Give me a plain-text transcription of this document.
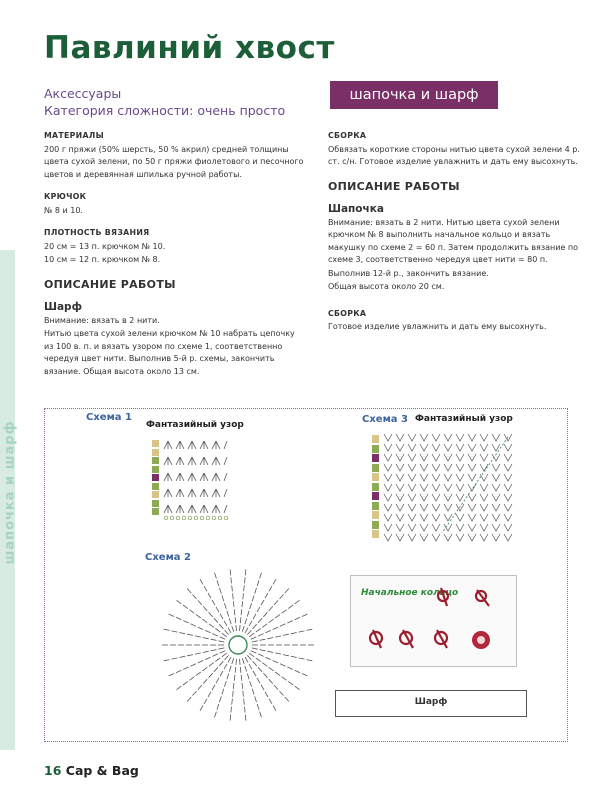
шапочка и шарф
Павлиний хвост
Аксессуары
Категория сложности: очень просто
шапочка и шарф
МАТЕРИАЛЫ
200 г пряжи (50% шерсть, 50 % акрил) средней толщины цвета сухой зелени, по 50 г пряжи фиолетового и песочного цветов и деревянная шпилька ручной работы.
КРЮЧОК
№ 8 и 10.
ПЛОТНОСТЬ ВЯЗАНИЯ
20 см = 13 п. крючком № 10.
10 см = 12 п. крючком № 8.
ОПИСАНИЕ РАБОТЫ
Шарф
Внимание: вязать в 2 нити.
Нитью цвета сухой зелени крючком № 10 набрать цепочку из 100 в. п. и вязать узором по схеме 1, соответственно чередуя цвет нити. Выполнив 5-й р. схемы, закончить вязание. Общая высота около 13 см.
СБОРКА
Обвязать короткие стороны нитью цвета сухой зелени 4 р. ст. с/н. Готовое изделие увлажнить и дать ему высохнуть.
ОПИСАНИЕ РАБОТЫ
Шапочка
Внимание: вязать в 2 нити. Нитью цвета сухой зелени крючком № 8 выполнить начальное кольцо и вязать макушку по схеме 2 = 60 п. Затем продолжить вязание по схеме 3, соответственно чередуя цвет нити = 80 п.
Выполнив 12-й р., закончить вязание.
Общая высота около 20 см.
СБОРКА
Готовое изделие увлажнить и дать ему высохнуть.
Схема 1
Фантазийный узор	Схема 3 Фантазийный узор
Схема 2
Начальное кольцо
Шарф
16 Cap & Bag
